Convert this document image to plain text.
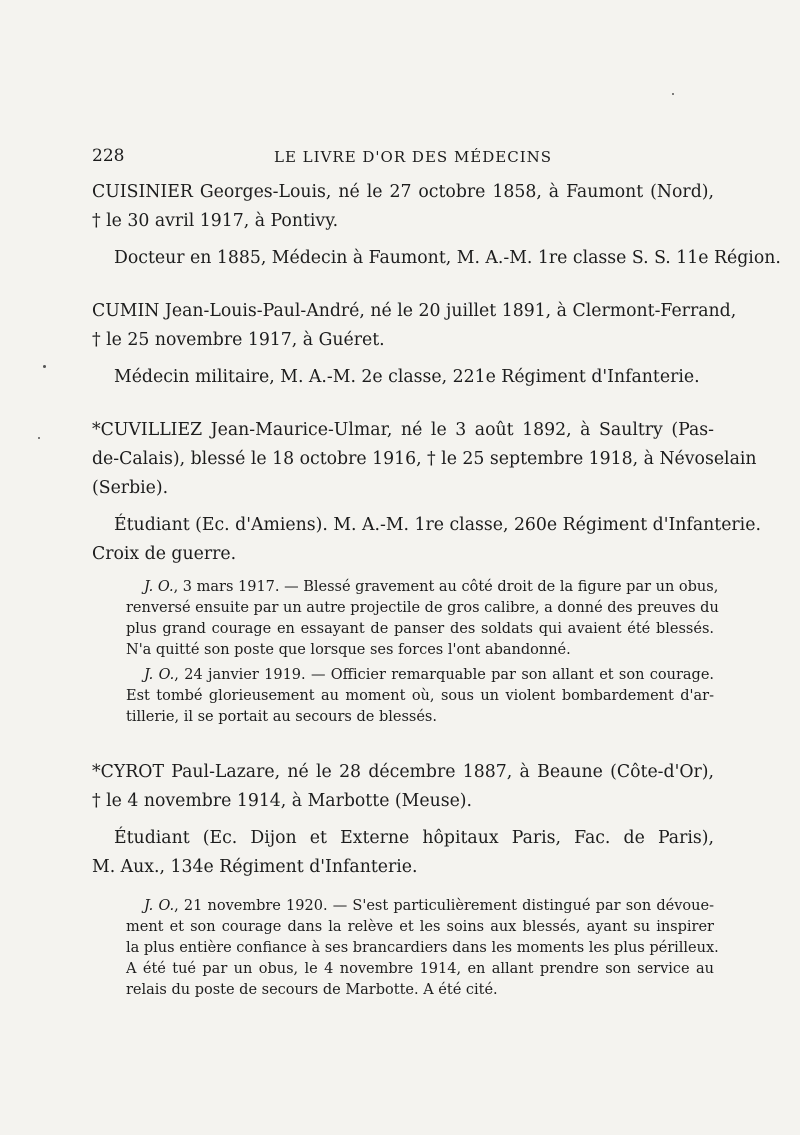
228	LE LIVRE D'OR DES MÉDECINS
CUISINIER Georges-Louis, né le 27 octobre 1858, à Faumont (Nord),
† le 30 avril 1917, à Pontivy.
Docteur en 1885, Médecin à Faumont, M. A.-M. 1re classe S. S. 11e Région.
CUMIN Jean-Louis-Paul-André, né le 20 juillet 1891, à Clermont-Ferrand,
† le 25 novembre 1917, à Guéret.
Médecin militaire, M. A.-M. 2e classe, 221e Régiment d'Infanterie.
*CUVILLIEZ Jean-Maurice-Ulmar, né le 3 août 1892, à Saultry (Pas-
de-Calais), blessé le 18 octobre 1916, † le 25 septembre 1918, à Névoselain
(Serbie).
Étudiant (Ec. d'Amiens). M. A.-M. 1re classe, 260e Régiment d'Infanterie.
Croix de guerre.
J. O., 3 mars 1917. — Blessé gravement au côté droit de la figure par un obus,
renversé ensuite par un autre projectile de gros calibre, a donné des preuves du
plus grand courage en essayant de panser des soldats qui avaient été blessés.
N'a quitté son poste que lorsque ses forces l'ont abandonné.
J. O., 24 janvier 1919. — Officier remarquable par son allant et son courage.
Est tombé glorieusement au moment où, sous un violent bombardement d'ar-
tillerie, il se portait au secours de blessés.
*CYROT Paul-Lazare, né le 28 décembre 1887, à Beaune (Côte-d'Or),
† le 4 novembre 1914, à Marbotte (Meuse).
Étudiant (Ec. Dijon et Externe hôpitaux Paris, Fac. de Paris),
M. Aux., 134e Régiment d'Infanterie.
J. O., 21 novembre 1920. — S'est particulièrement distingué par son dévoue-
ment et son courage dans la relève et les soins aux blessés, ayant su inspirer
la plus entière confiance à ses brancardiers dans les moments les plus périlleux.
A été tué par un obus, le 4 novembre 1914, en allant prendre son service au
relais du poste de secours de Marbotte. A été cité.
